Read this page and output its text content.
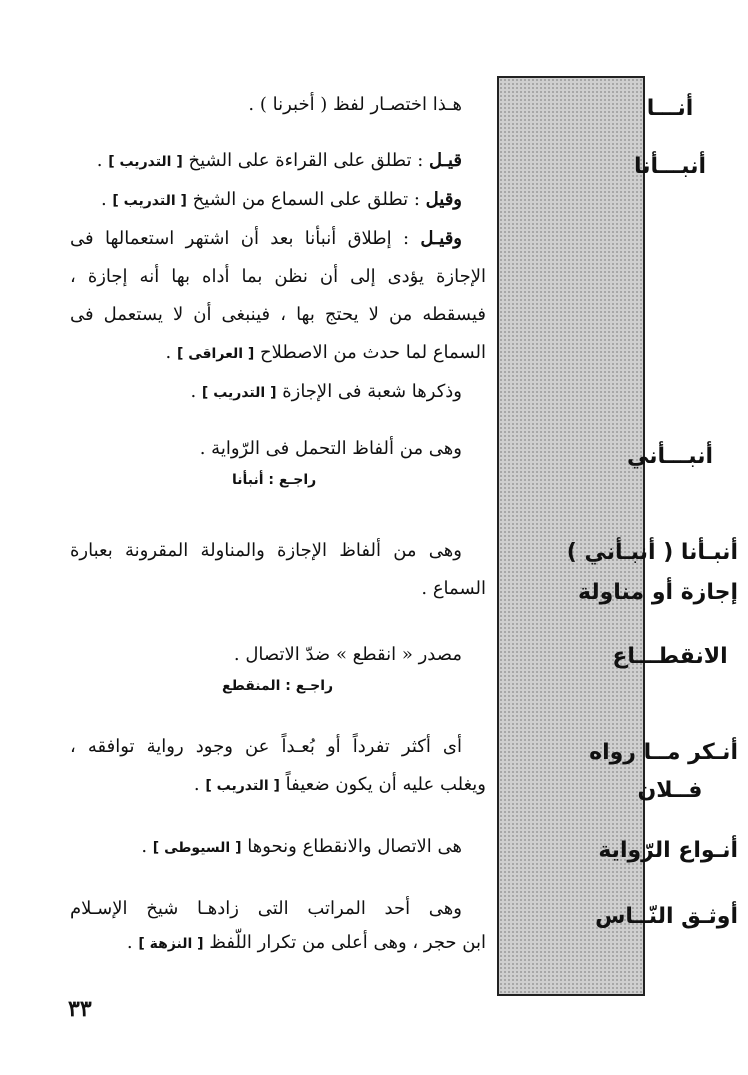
أنـــا
أنبـــأنا
أنبـــأني
أنبـأنا ( أنبـأني )
إجازة أو مناولة
الانقطـــاع
أنـكر مــا رواه
فــلان
أنـواع الرّواية
أوثـق النّــاس
هـذا اختصـار لفظ ( أخبرنا ) .
قيـل : تطلق على القراءة على الشيخ [ التدريب ] .
وقيل : تطلق على السماع من الشيخ [ التدريب ] .
وقيـل : إطلاق أنبأنا بعد أن اشتهر استعمالها فى
الإجازة يؤدى إلى أن نظن بما أداه بها أنه إجازة ،
فيسقطه من لا يحتج بها ، فينبغى أن لا يستعمل فى
السماع لما حدث من الاصطلاح [ العراقى ] .
وذكرها شعبة فى الإجازة [ التدريب ] .
وهى من ألفاظ التحمل فى الرّواية .
راجـع : أنبأنا
وهى من ألفاظ الإجازة والمناولة المقرونة بعبارة
السماع .
مصدر « انقطع » ضدّ الاتصال .
راجـع : المنقطع
أى أكثر تفرداً أو بُعـداً عن وجود رواية توافقه ،
ويغلب عليه أن يكون ضعيفاً [ التدريب ] .
هى الاتصال والانقطاع ونحوها [ السيوطى ] .
وهى أحد المراتب التى زادهـا شيخ الإسـلام
ابن حجر ، وهى أعلى من تكرار اللّفظ [ النزهة ] .
٣٣
